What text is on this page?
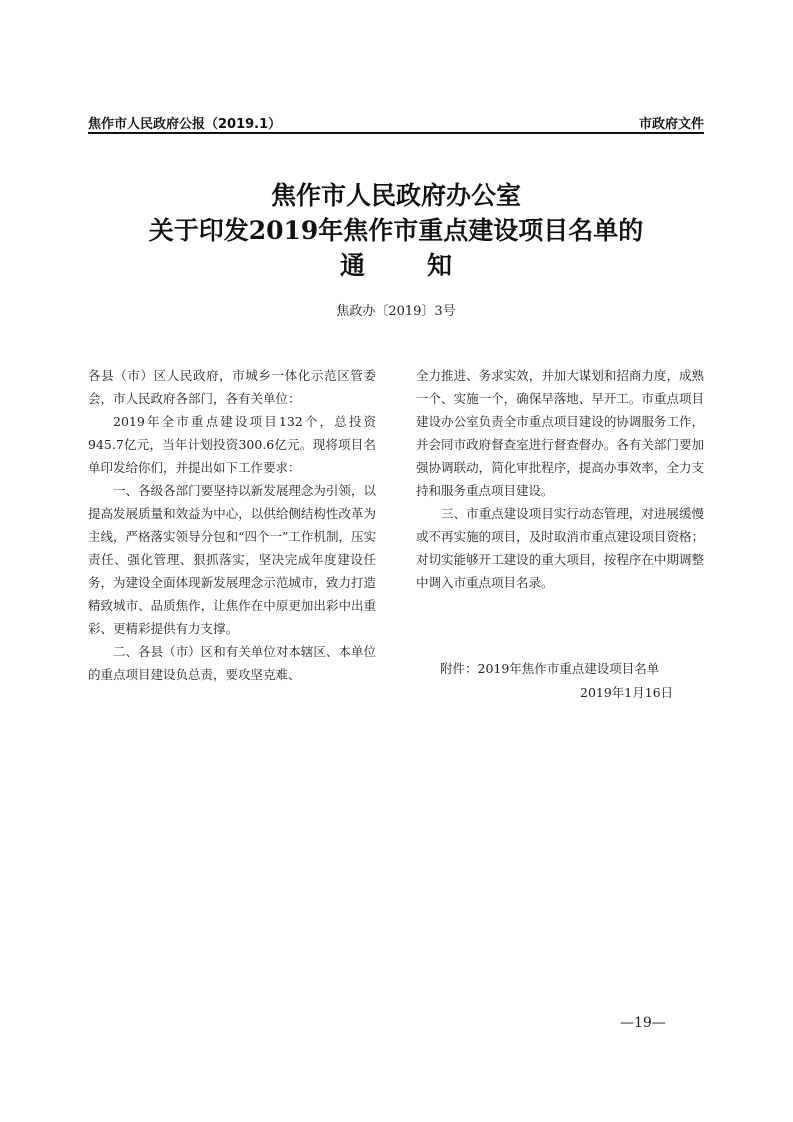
焦作市人民政府公报（2019.1）	市政府文件
焦作市人民政府办公室
关于印发2019年焦作市重点建设项目名单的
通知
焦政办〔2019〕3号

各县（市）区人民政府，市城乡一体化示范区管委会，市人民政府各部门，各有关单位：

2019年全市重点建设项目132个，总投资945.7亿元，当年计划投资300.6亿元。现将项目名单印发给你们，并提出如下工作要求：

一、各级各部门要坚持以新发展理念为引领，以提高发展质量和效益为中心，以供给侧结构性改革为主线，严格落实领导分包和“四个一”工作机制，压实责任、强化管理、狠抓落实，坚决完成年度建设任务，为建设全面体现新发展理念示范城市，致力打造精致城市、品质焦作，让焦作在中原更加出彩中出重彩、更精彩提供有力支撑。

二、各县（市）区和有关单位对本辖区、本单位的重点项目建设负总责，要攻坚克难、

全力推进、务求实效，并加大谋划和招商力度，成熟一个、实施一个，确保早落地、早开工。市重点项目建设办公室负责全市重点项目建设的协调服务工作，并会同市政府督查室进行督查督办。各有关部门要加强协调联动，简化审批程序，提高办事效率，全力支持和服务重点项目建设。

三、市重点建设项目实行动态管理，对进展缓慢或不再实施的项目，及时取消市重点建设项目资格；对切实能够开工建设的重大项目，按程序在中期调整中调入市重点项目名录。

附件：2019年焦作市重点建设项目名单
2019年1月16日
—19—
